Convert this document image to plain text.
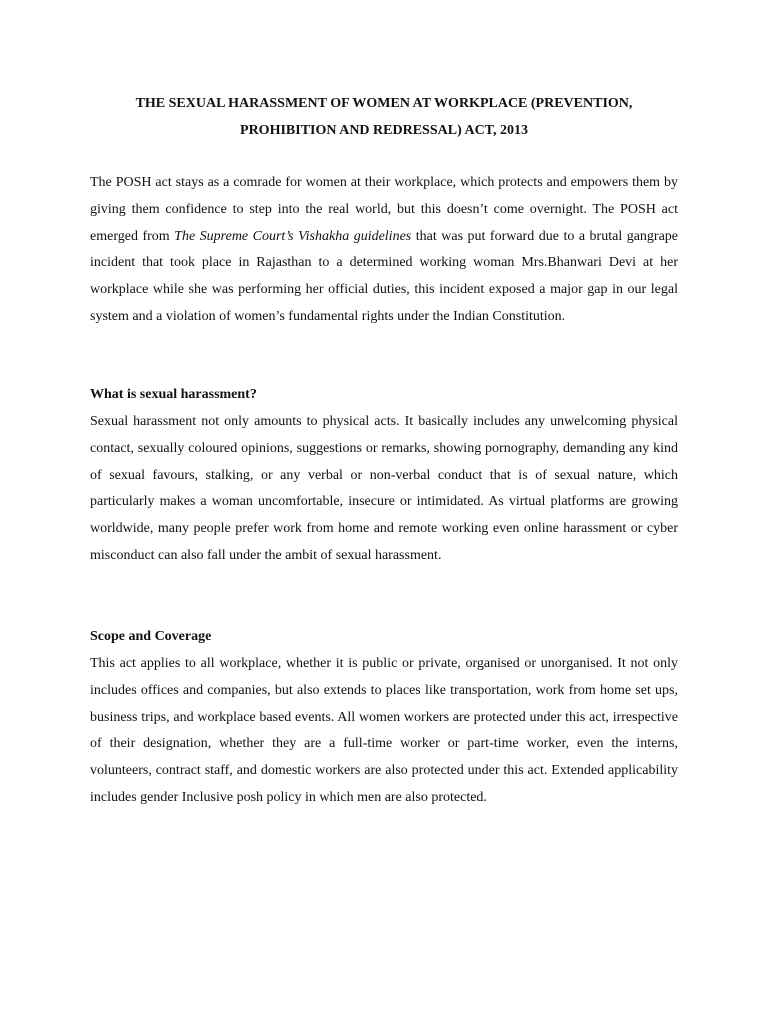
THE SEXUAL HARASSMENT OF WOMEN AT WORKPLACE (PREVENTION,
PROHIBITION AND REDRESSAL) ACT, 2013

The POSH act stays as a comrade for women at their workplace, which protects and empowers them by giving them confidence to step into the real world, but this doesn’t come overnight. The POSH act emerged from The Supreme Court’s Vishakha guidelines that was put forward due to a brutal gangrape incident that took place in Rajasthan to a determined working woman Mrs.Bhanwari Devi at her workplace while she was performing her official duties, this incident exposed a major gap in our legal system and a violation of women’s fundamental rights under the Indian Constitution.

What is sexual harassment?

Sexual harassment not only amounts to physical acts. It basically includes any unwelcoming physical contact, sexually coloured opinions, suggestions or remarks, showing pornography, demanding any kind of sexual favours, stalking, or any verbal or non-verbal conduct that is of sexual nature, which particularly makes a woman uncomfortable, insecure or intimidated. As virtual platforms are growing worldwide, many people prefer work from home and remote working even online harassment or cyber misconduct can also fall under the ambit of sexual harassment.

Scope and Coverage

This act applies to all workplace, whether it is public or private, organised or unorganised. It not only includes offices and companies, but also extends to places like transportation, work from home set ups, business trips, and workplace based events. All women workers are protected under this act, irrespective of their designation, whether they are a full-time worker or part-time worker, even the interns, volunteers, contract staff, and domestic workers are also protected under this act. Extended applicability includes gender Inclusive posh policy in which men are also protected.
